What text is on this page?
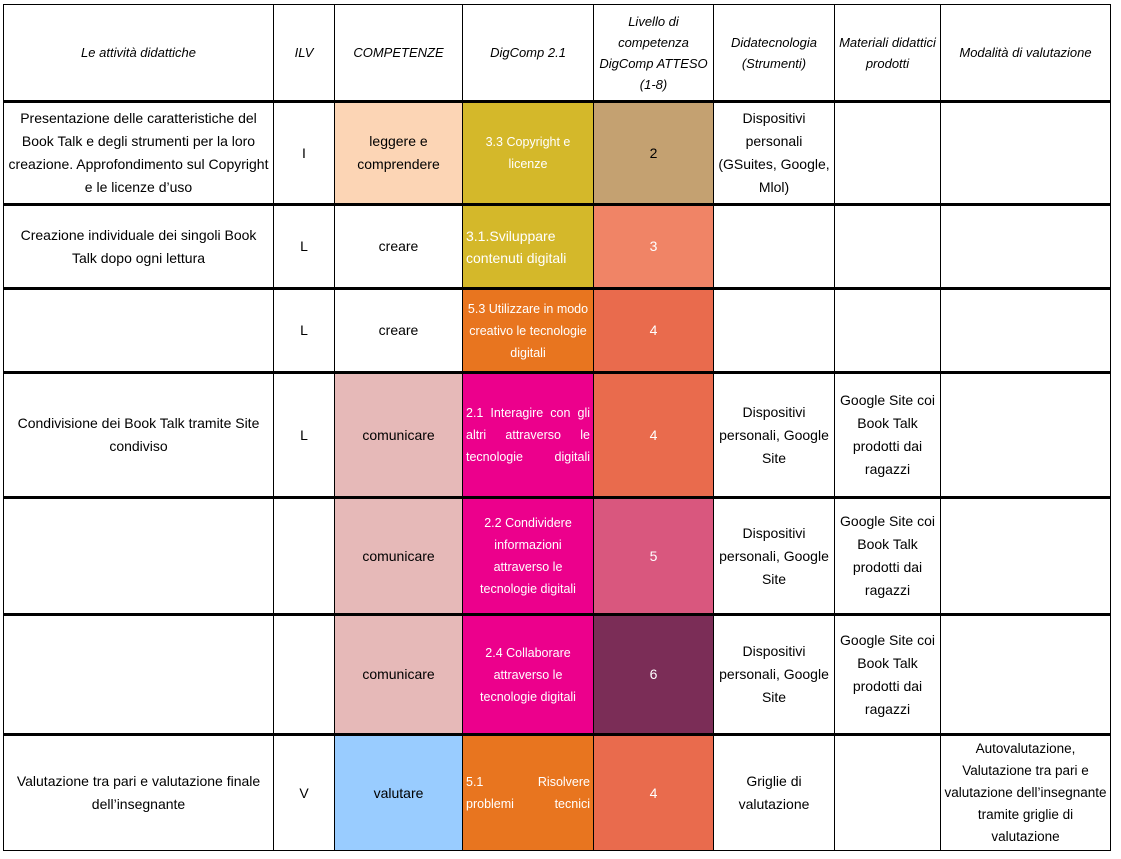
Le attività didattiche	ILV	COMPETENZE	DigComp 2.1	Livello di competenza DigComp ATTESO (1-8)	Didatecnologia (Strumenti)	Materiali didattici prodotti	Modalità di valutazione
Presentazione delle caratteristiche del Book Talk e degli strumenti per la loro creazione. Approfondimento sul Copyright e le licenze d’uso	I	leggere e comprendere	3.3 Copyright e licenze	2	Dispositivi personali (GSuites, Google, Mlol)		
Creazione individuale dei singoli Book Talk dopo ogni lettura	L	creare	3.1.Sviluppare contenuti digitali	3			
	L	creare	5.3 Utilizzare in modo creativo le tecnologie digitali	4			
Condivisione dei Book Talk tramite Site condiviso	L	comunicare	2.1 Interagire con gli altri attraverso le tecnologie digitali	4	Dispositivi personali, Google Site	Google Site coi Book Talk prodotti dai ragazzi	
		comunicare	2.2 Condividere informazioni attraverso le tecnologie digitali	5	Dispositivi personali, Google Site	Google Site coi Book Talk prodotti dai ragazzi	
		comunicare	2.4 Collaborare attraverso le tecnologie digitali	6	Dispositivi personali, Google Site	Google Site coi Book Talk prodotti dai ragazzi	
Valutazione tra pari e valutazione finale dell’insegnante	V	valutare	5.1 Risolvere problemi tecnici	4	Griglie di valutazione		Autovalutazione, Valutazione tra pari e valutazione dell’insegnante tramite griglie di valutazione
